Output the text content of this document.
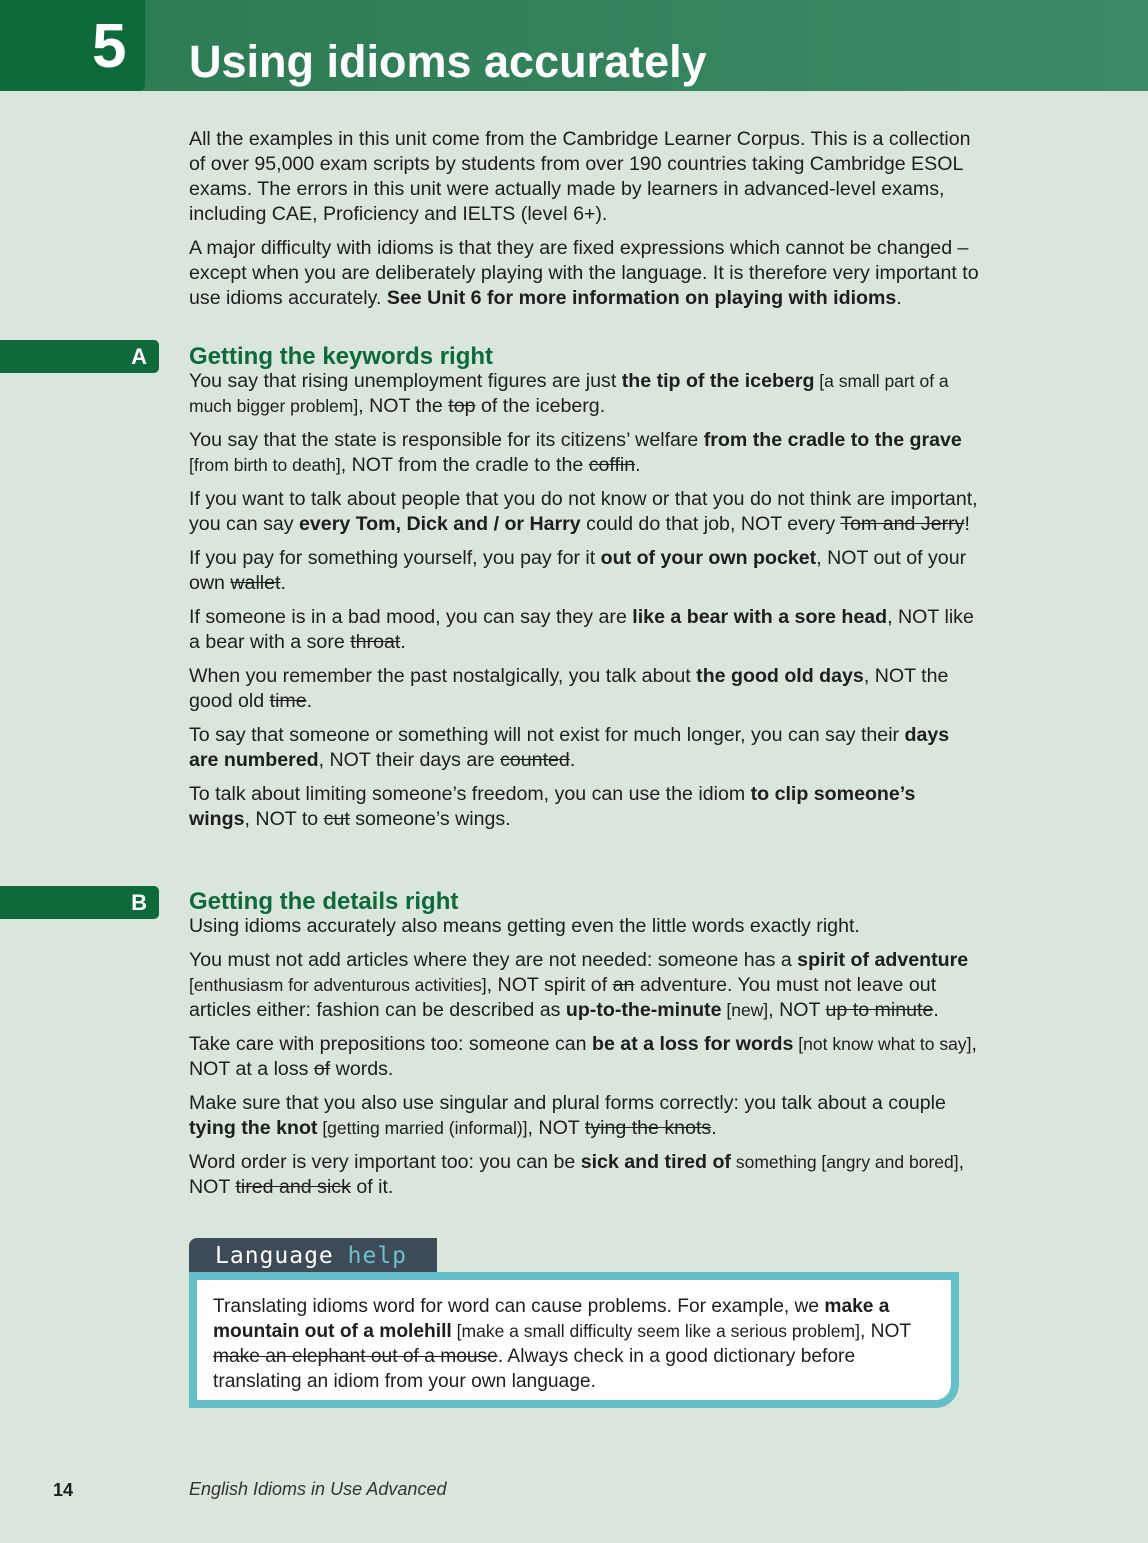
5	Using idioms accurately

All the examples in this unit come from the Cambridge Learner Corpus. This is a collection of over 95,000 exam scripts by students from over 190 countries taking Cambridge ESOL exams. The errors in this unit were actually made by learners in advanced-level exams, including CAE, Proficiency and IELTS (level 6+).

A major difficulty with idioms is that they are fixed expressions which cannot be changed – except when you are deliberately playing with the language. It is therefore very important to use idioms accurately. See Unit 6 for more information on playing with idioms.

A	Getting the keywords right

You say that rising unemployment figures are just the tip of the iceberg [a small part of a much bigger problem], NOT the top of the iceberg.

You say that the state is responsible for its citizens’ welfare from the cradle to the grave [from birth to death], NOT from the cradle to the coffin.

If you want to talk about people that you do not know or that you do not think are important, you can say every Tom, Dick and / or Harry could do that job, NOT every Tom and Jerry!

If you pay for something yourself, you pay for it out of your own pocket, NOT out of your own wallet.

If someone is in a bad mood, you can say they are like a bear with a sore head, NOT like a bear with a sore throat.

When you remember the past nostalgically, you talk about the good old days, NOT the good old time.

To say that someone or something will not exist for much longer, you can say their days are numbered, NOT their days are counted.

To talk about limiting someone’s freedom, you can use the idiom to clip someone’s wings, NOT to cut someone’s wings.

B	Getting the details right

Using idioms accurately also means getting even the little words exactly right.

You must not add articles where they are not needed: someone has a spirit of adventure [enthusiasm for adventurous activities], NOT spirit of an adventure. You must not leave out articles either: fashion can be described as up-to-the-minute [new], NOT up to minute.

Take care with prepositions too: someone can be at a loss for words [not know what to say], NOT at a loss of words.

Make sure that you also use singular and plural forms correctly: you talk about a couple tying the knot [getting married (informal)], NOT tying the knots.

Word order is very important too: you can be sick and tired of something [angry and bored], NOT tired and sick of it.

Language help
Translating idioms word for word can cause problems. For example, we make a mountain out of a molehill [make a small difficulty seem like a serious problem], NOT make an elephant out of a mouse. Always check in a good dictionary before translating an idiom from your own language.
14	English Idioms in Use Advanced
